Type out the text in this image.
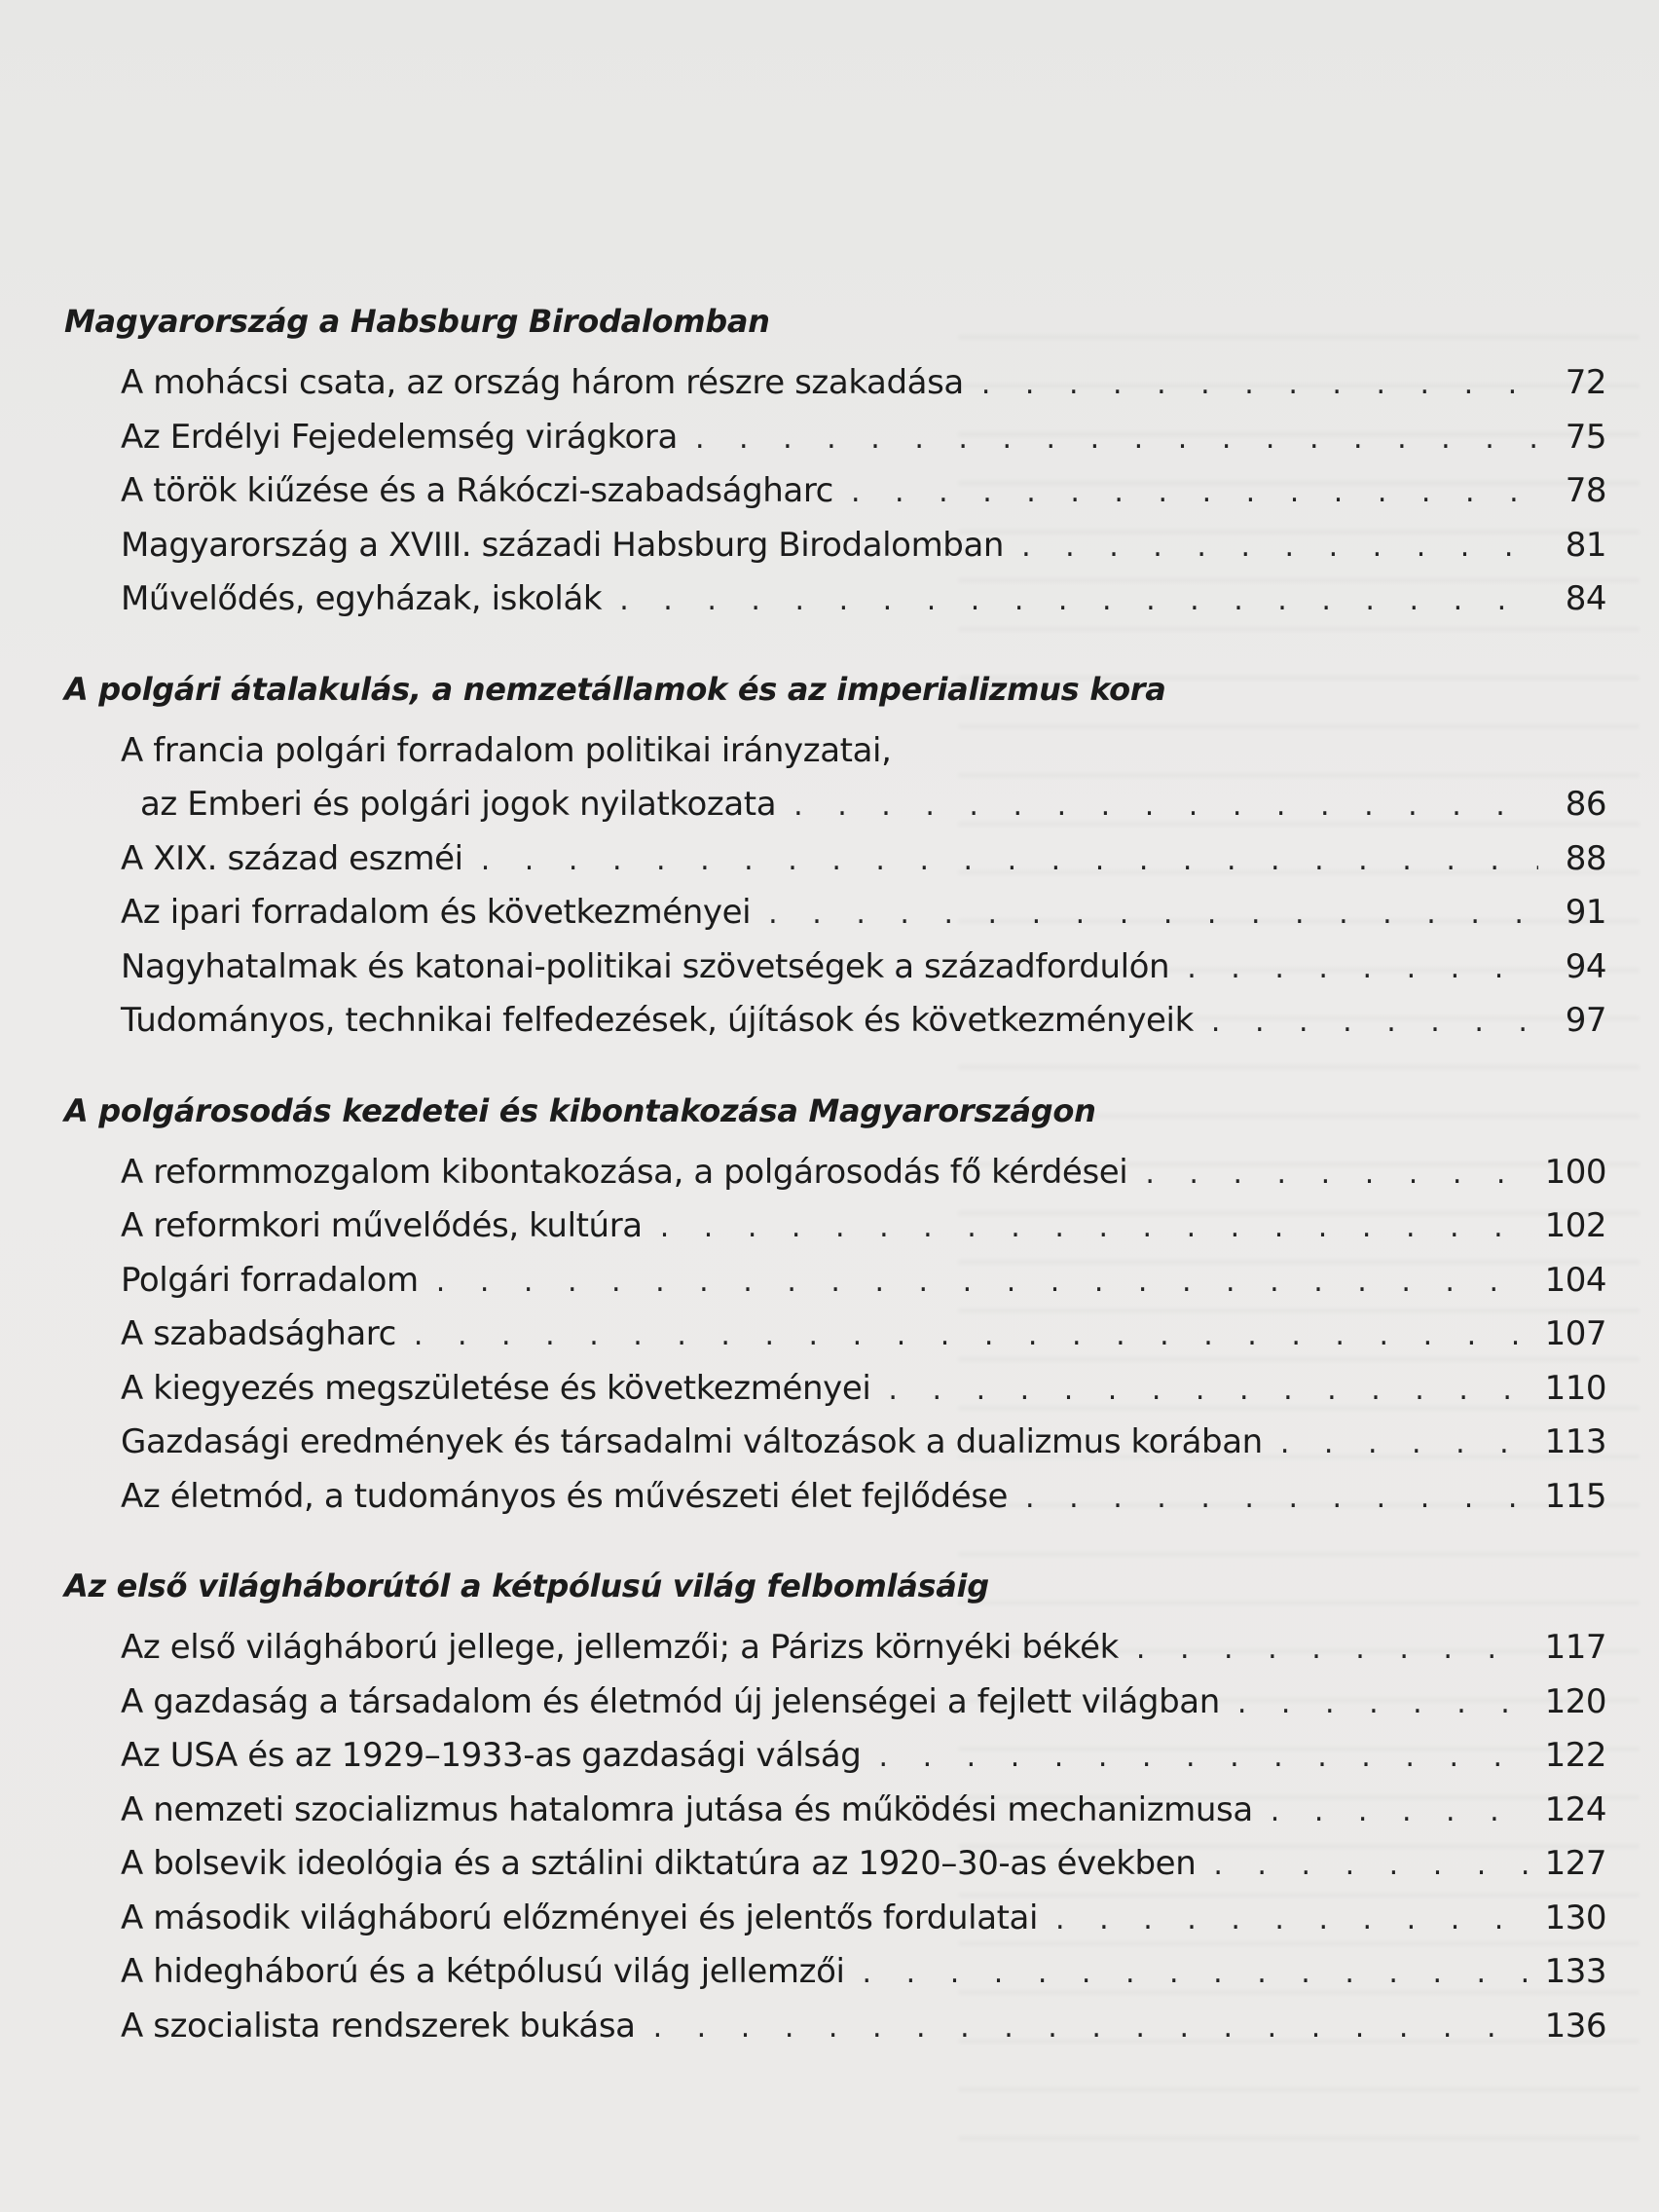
Magyarország a Habsburg Birodalomban
A mohácsi csata, az ország három részre szakadása . . .	72
Az Erdélyi Fejedelemség virágkora . . .	75
A török kiűzése és a Rákóczi-szabadságharc . . .	78
Magyarország a XVIII. századi Habsburg Birodalomban . . .	81
Művelődés, egyházak, iskolák . . .	84
A polgári átalakulás, a nemzetállamok és az imperializmus kora
A francia polgári forradalom politikai irányzatai,
az Emberi és polgári jogok nyilatkozata . . .	86
A XIX. század eszméi . . .	88
Az ipari forradalom és következményei . . .	91
Nagyhatalmak és katonai-politikai szövetségek a századfordulón . . .	94
Tudományos, technikai felfedezések, újítások és következményeik . . .	97
A polgárosodás kezdetei és kibontakozása Magyarországon
A reformmozgalom kibontakozása, a polgárosodás fő kérdései . . .	100
A reformkori művelődés, kultúra . . .	102
Polgári forradalom . . .	104
A szabadságharc . . .	107
A kiegyezés megszületése és következményei . . .	110
Gazdasági eredmények és társadalmi változások a dualizmus korában . . .	113
Az életmód, a tudományos és művészeti élet fejlődése . . .	115
Az első világháborútól a kétpólusú világ felbomlásáig
Az első világháború jellege, jellemzői; a Párizs környéki békék . . .	117
A gazdaság a társadalom és életmód új jelenségei a fejlett világban . . .	120
Az USA és az 1929–1933-as gazdasági válság . . .	122
A nemzeti szocializmus hatalomra jutása és működési mechanizmusa . . .	124
A bolsevik ideológia és a sztálini diktatúra az 1920–30-as években . . .	127
A második világháború előzményei és jelentős fordulatai . . .	130
A hidegháború és a kétpólusú világ jellemzői . . .	133
A szocialista rendszerek bukása . . .	136
